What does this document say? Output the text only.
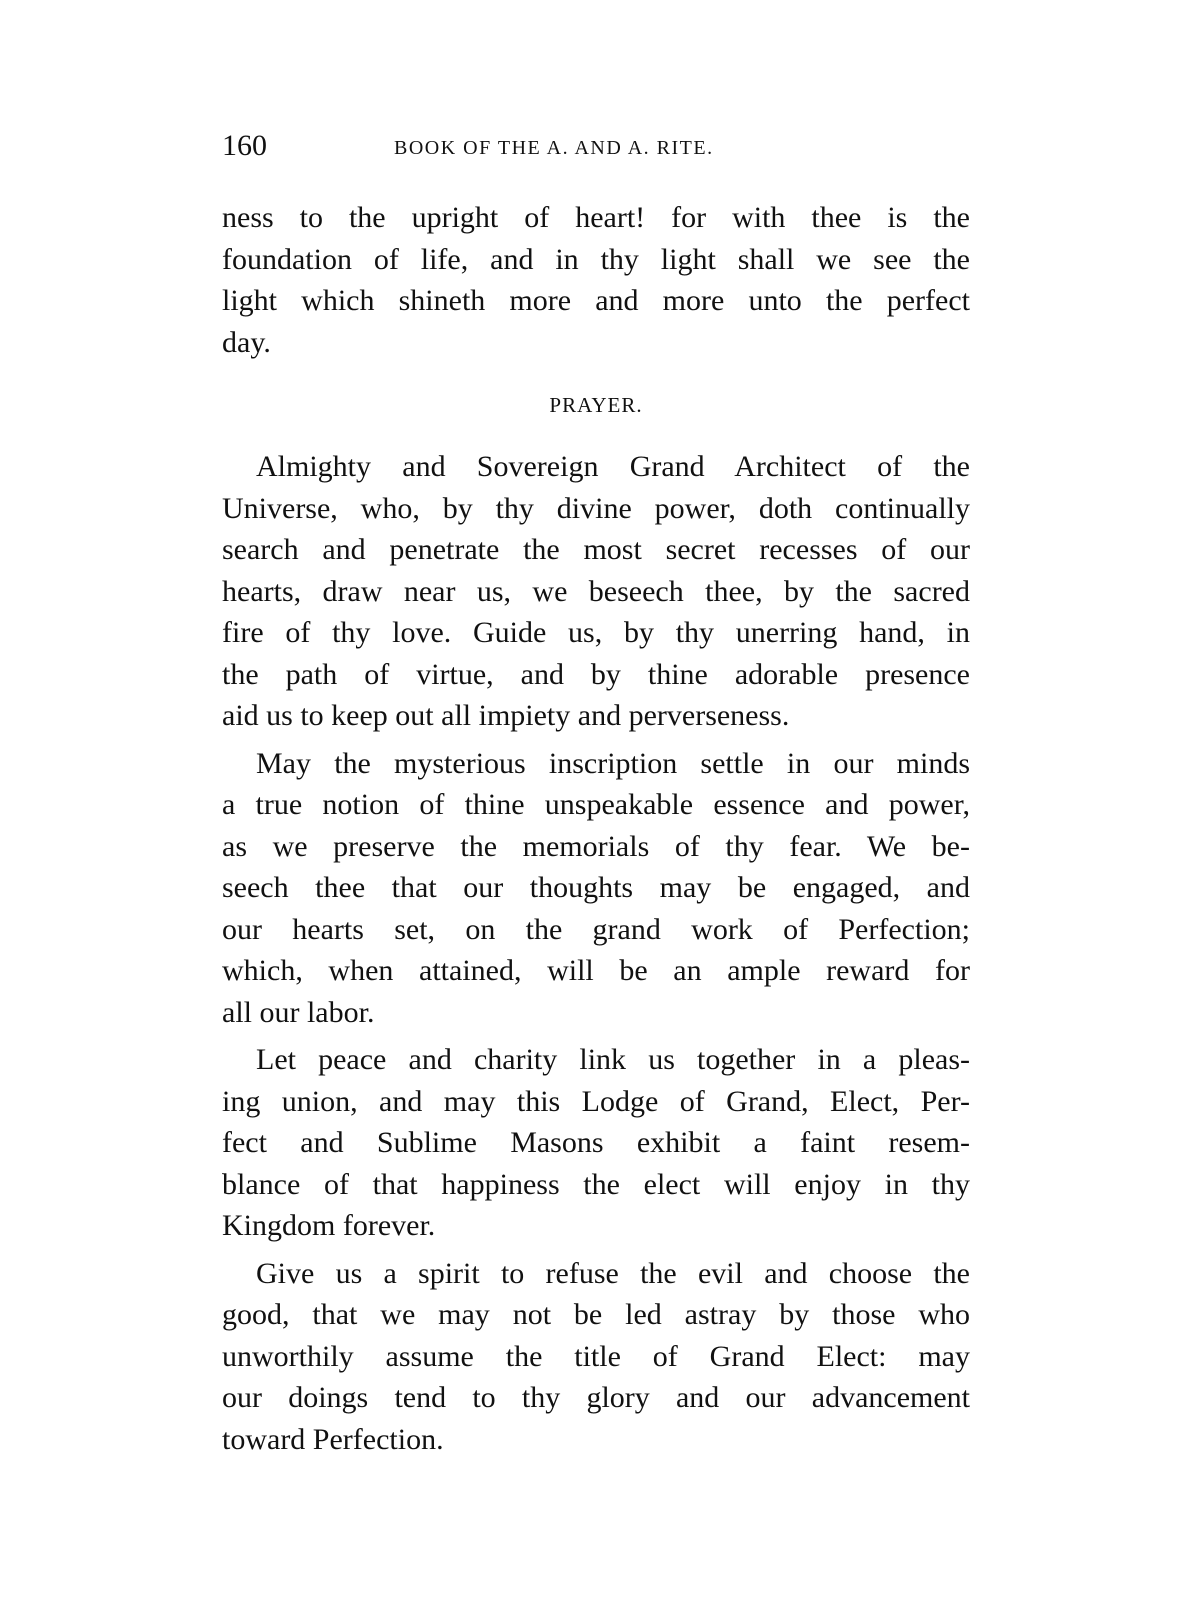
160	BOOK OF THE A. AND A. RITE.

ness to the upright of heart! for with thee is the
foundation of life, and in thy light shall we see the
light which shineth more and more unto the perfect
day.

PRAYER.

Almighty and Sovereign Grand Architect of the
Universe, who, by thy divine power, doth continually
search and penetrate the most secret recesses of our
hearts, draw near us, we beseech thee, by the sacred
fire of thy love. Guide us, by thy unerring hand, in
the path of virtue, and by thine adorable presence
aid us to keep out all impiety and perverseness.

May the mysterious inscription settle in our minds
a true notion of thine unspeakable essence and power,
as we preserve the memorials of thy fear. We be-
seech thee that our thoughts may be engaged, and
our hearts set, on the grand work of Perfection;
which, when attained, will be an ample reward for
all our labor.

Let peace and charity link us together in a pleas-
ing union, and may this Lodge of Grand, Elect, Per-
fect and Sublime Masons exhibit a faint resem-
blance of that happiness the elect will enjoy in thy
Kingdom forever.

Give us a spirit to refuse the evil and choose the
good, that we may not be led astray by those who
unworthily assume the title of Grand Elect: may
our doings tend to thy glory and our advancement
toward Perfection.
